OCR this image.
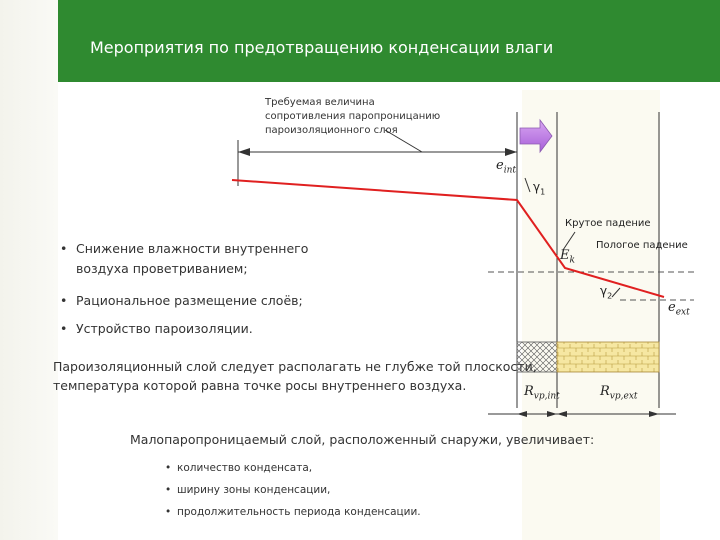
Мероприятия по предотвращению конденсации влаги
Требуемая величина
сопротивления паропроницанию
пароизоляционного слоя
$e_{int}$
$\gamma_1$
Крутое падение
Пологое падение
$E_k$
$\gamma_2$
$e_{ext}$
$R_{vp,int}$	$R_{vp,ext}$
• Снижение влажности внутреннего
воздуха проветриванием;
• Рациональное размещение слоёв;
• Устройство пароизоляции.
Пароизоляционный слой следует располагать не глубже той плоскости,
температура которой равна точке росы внутреннего воздуха.
Малопаропроницаемый слой, расположенный снаружи, увеличивает:
• количество конденсата,
• ширину зоны конденсации,
• продолжительность периода конденсации.
